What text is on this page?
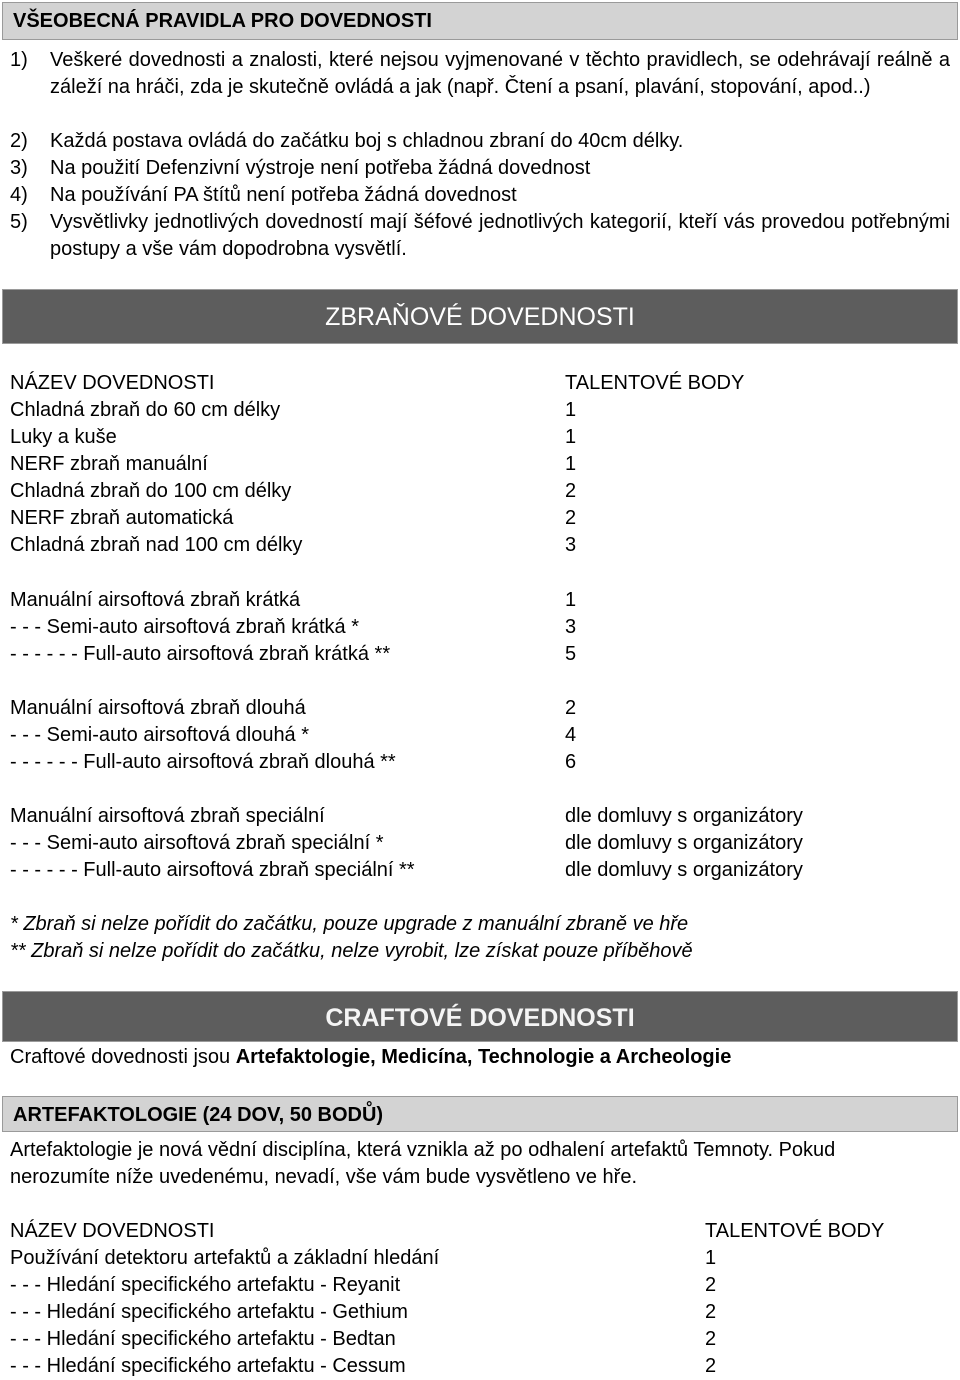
VŠEOBECNÁ PRAVIDLA PRO DOVEDNOSTI
1) Veškeré dovednosti a znalosti, které nejsou vyjmenované v těchto pravidlech, se odehrávají reálně a záleží na hráči, zda je skutečně ovládá a jak (např. Čtení a psaní, plavání, stopování, apod..)
2) Každá postava ovládá do začátku boj s chladnou zbraní do 40cm délky.
3) Na použití Defenzivní výstroje není potřeba žádná dovednost
4) Na používání PA štítů není potřeba žádná dovednost
5) Vysvětlivky jednotlivých dovedností mají šéfové jednotlivých kategorií, kteří vás provedou potřebnými postupy a vše vám dopodrobna vysvětlí.
ZBRAŇOVÉ DOVEDNOSTI
NÁZEV DOVEDNOSTI	TALENTOVÉ BODY
Chladná zbraň do 60 cm délky	1
Luky a kuše	1
NERF zbraň manuální	1
Chladná zbraň do 100 cm délky	2
NERF zbraň automatická	2
Chladná zbraň nad 100 cm délky	3
Manuální airsoftová zbraň krátká	1
- - - Semi-auto airsoftová zbraň krátká *	3
- - - - - - Full-auto airsoftová zbraň krátká **	5
Manuální airsoftová zbraň dlouhá	2
- - - Semi-auto airsoftová dlouhá *	4
- - - - - - Full-auto airsoftová zbraň dlouhá **	6
Manuální airsoftová zbraň speciální	dle domluvy s organizátory
- - - Semi-auto airsoftová zbraň speciální *	dle domluvy s organizátory
- - - - - - Full-auto airsoftová zbraň speciální **	dle domluvy s organizátory
* Zbraň si nelze pořídit do začátku, pouze upgrade z manuální zbraně ve hře
** Zbraň si nelze pořídit do začátku, nelze vyrobit, lze získat pouze příběhově
CRAFTOVÉ DOVEDNOSTI
Craftové dovednosti jsou Artefaktologie, Medicína, Technologie a Archeologie
ARTEFAKTOLOGIE (24 DOV, 50 BODŮ)
Artefaktologie je nová vědní disciplína, která vznikla až po odhalení artefaktů Temnoty. Pokud nerozumíte níže uvedenému, nevadí, vše vám bude vysvětleno ve hře.
NÁZEV DOVEDNOSTI	TALENTOVÉ BODY
Používání detektoru artefaktů a základní hledání	1
- - - Hledání specifického artefaktu - Reyanit	2
- - - Hledání specifického artefaktu - Gethium	2
- - - Hledání specifického artefaktu - Bedtan	2
- - - Hledání specifického artefaktu - Cessum	2
